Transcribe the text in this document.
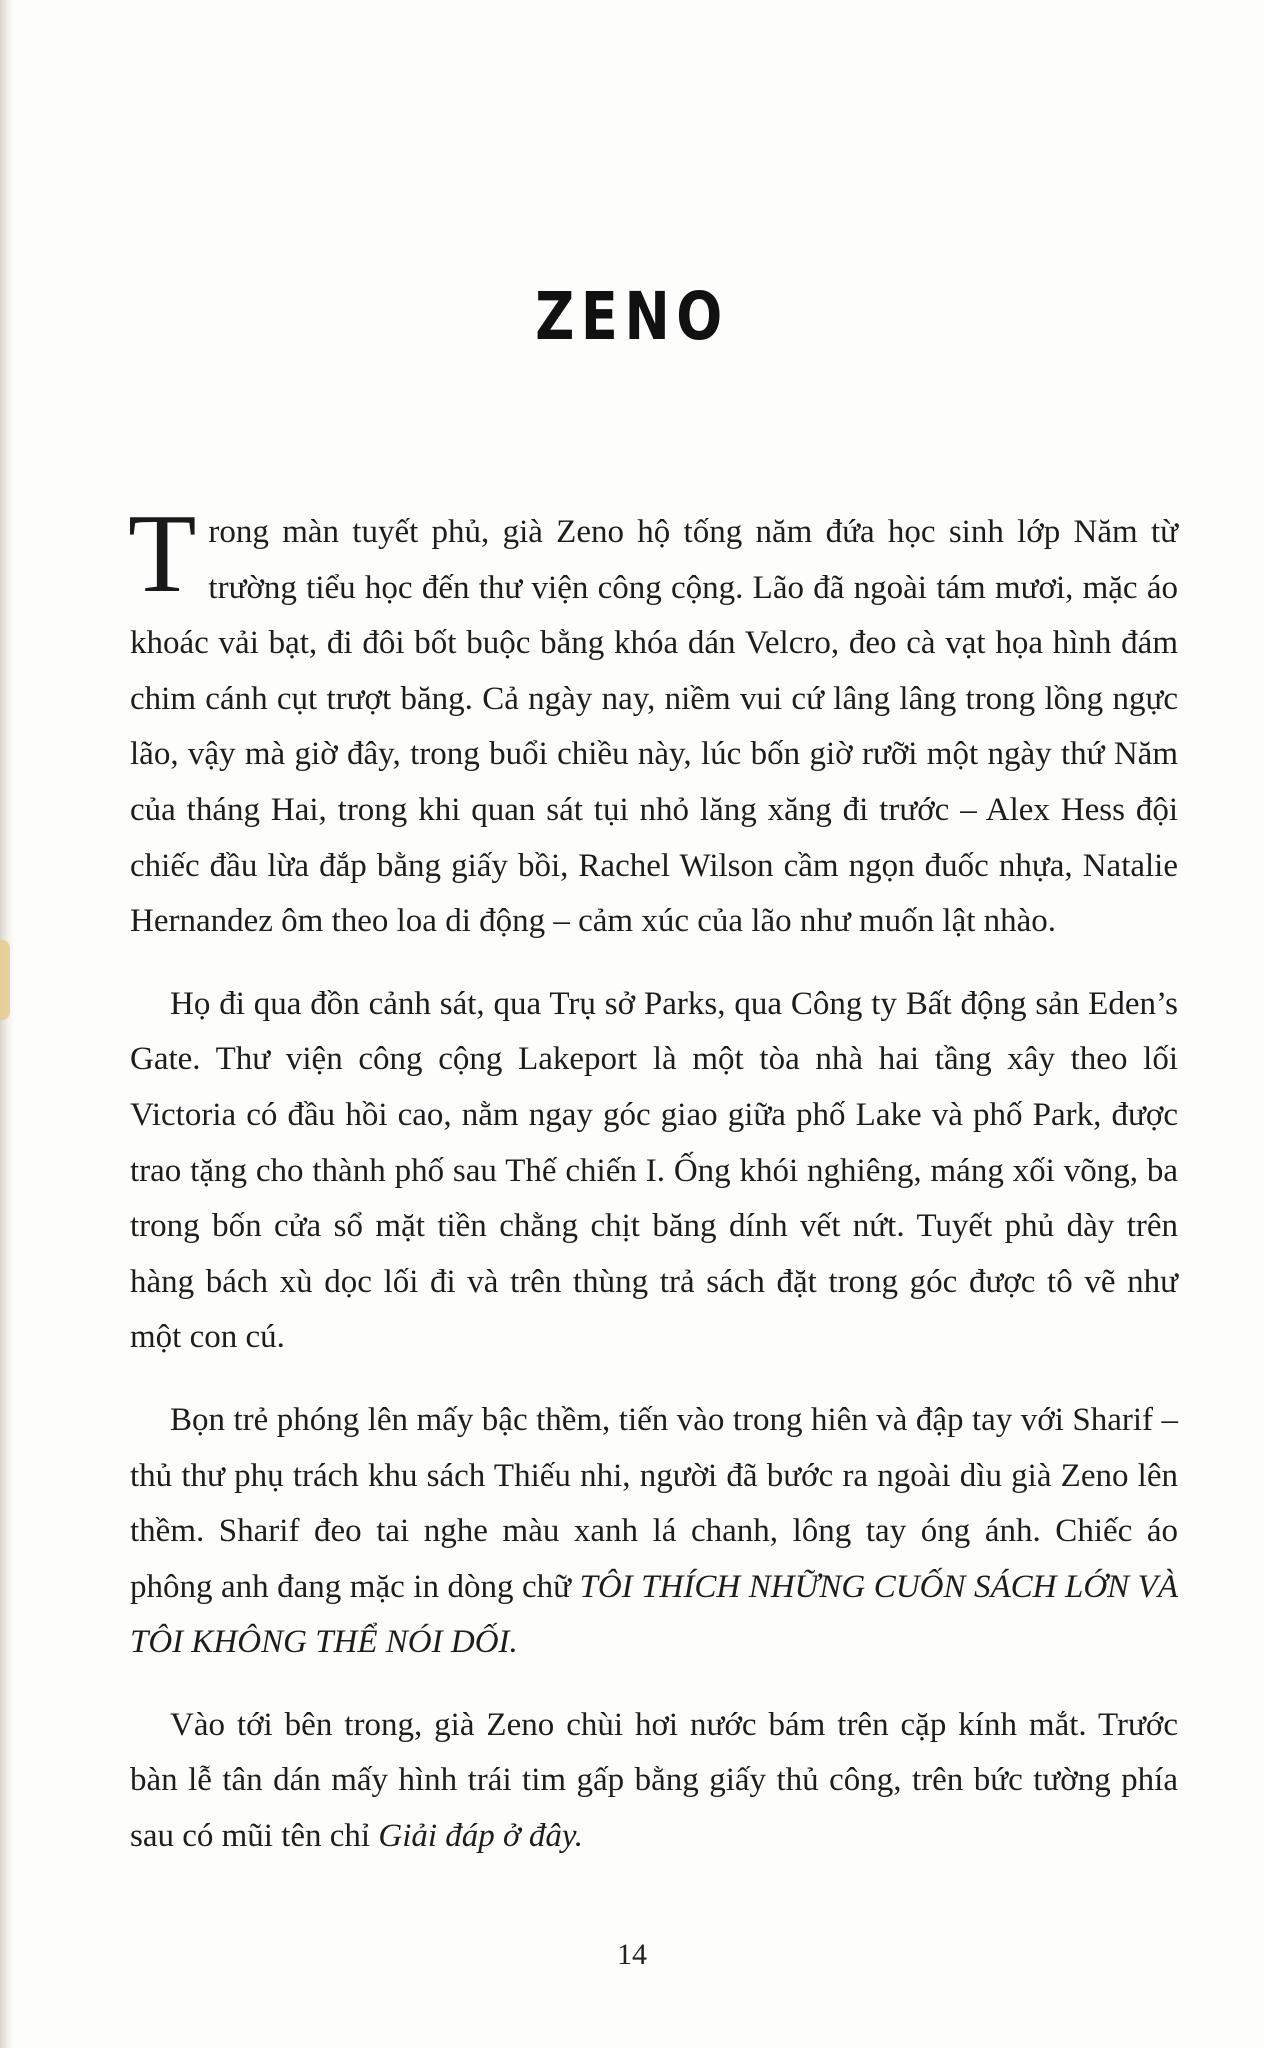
ZENO

Trong màn tuyết phủ, già Zeno hộ tống năm đứa học sinh lớp Năm từ trường tiểu học đến thư viện công cộng. Lão đã ngoài tám mươi, mặc áo khoác vải bạt, đi đôi bốt buộc bằng khóa dán Velcro, đeo cà vạt họa hình đám chim cánh cụt trượt băng. Cả ngày nay, niềm vui cứ lâng lâng trong lồng ngực lão, vậy mà giờ đây, trong buổi chiều này, lúc bốn giờ rưỡi một ngày thứ Năm của tháng Hai, trong khi quan sát tụi nhỏ lăng xăng đi trước – Alex Hess đội chiếc đầu lừa đắp bằng giấy bồi, Rachel Wilson cầm ngọn đuốc nhựa, Natalie Hernandez ôm theo loa di động – cảm xúc của lão như muốn lật nhào.

Họ đi qua đồn cảnh sát, qua Trụ sở Parks, qua Công ty Bất động sản Eden’s Gate. Thư viện công cộng Lakeport là một tòa nhà hai tầng xây theo lối Victoria có đầu hồi cao, nằm ngay góc giao giữa phố Lake và phố Park, được trao tặng cho thành phố sau Thế chiến I. Ống khói nghiêng, máng xối võng, ba trong bốn cửa sổ mặt tiền chằng chịt băng dính vết nứt. Tuyết phủ dày trên hàng bách xù dọc lối đi và trên thùng trả sách đặt trong góc được tô vẽ như một con cú.

Bọn trẻ phóng lên mấy bậc thềm, tiến vào trong hiên và đập tay với Sharif – thủ thư phụ trách khu sách Thiếu nhi, người đã bước ra ngoài dìu già Zeno lên thềm. Sharif đeo tai nghe màu xanh lá chanh, lông tay óng ánh. Chiếc áo phông anh đang mặc in dòng chữ TÔI THÍCH NHỮNG CUỐN SÁCH LỚN VÀ TÔI KHÔNG THỂ NÓI DỐI.

Vào tới bên trong, già Zeno chùi hơi nước bám trên cặp kính mắt. Trước bàn lễ tân dán mấy hình trái tim gấp bằng giấy thủ công, trên bức tường phía sau có mũi tên chỉ Giải đáp ở đây.

14
